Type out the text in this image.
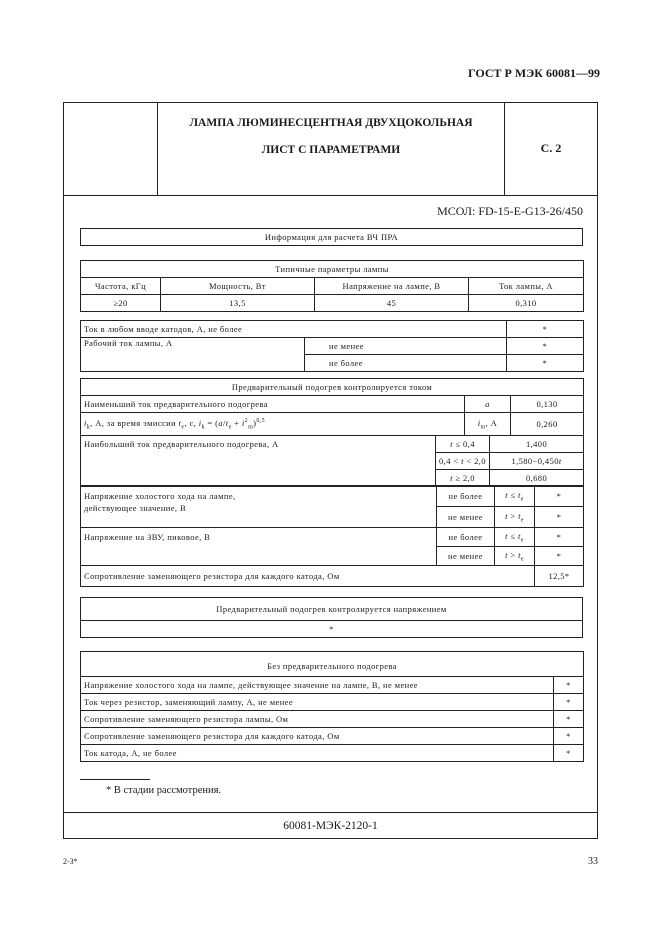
ГОСТ Р МЭК 60081—99
ЛАМПА ЛЮМИНЕСЦЕНТНАЯ ДВУХЦОКОЛЬНАЯ
ЛИСТ С ПАРАМЕТРАМИ	С. 2
МСОЛ: FD-15-E-G13-26/450
Информация для расчета ВЧ ПРА
Типичные параметры лампы			
Частота, кГц	Мощность, Вт	Напряжение на лампе, В	Ток лампы, А
≥20	13,5	45	0,310
Ток в любом вводе катодов, А, не более		*
Рабочий ток лампы, А	не менее	*
	не более	*
Предварительный подогрев контролируется током				
Наименьший ток предварительного подогрева		a		0,130
$i_k$, А, за время эмиссии $t_e$, с, $i_k = (a/t_e + i^2_m)^{0,5}$		$i_m$, А		0,260
Наибольший ток предварительного подогрева, А	t ≤ 0,4		1,400	
	0,4 < t < 2,0		1,580−0,450t	
	t ≥ 2,0		0,680	
Напряжение холостого хода на лампе,
действующее значение, В	не более	$t \le t_e$	*
	не менее	$t > t_e$	*
Напряжение на ЗВУ, пиковое, В	не более	$t \le t_e$	*
	не менее	$t > t_e$	*
Сопротивление заменяющего резистора для каждого катода, Ом			12,5*
Предварительный подогрев контролируется напряжением
*
Без предварительного подогрева	
Напряжение холостого хода на лампе, действующее значение на лампе, В, не менее	*
Ток через резистор, заменяющий лампу, А, не менее	*
Сопротивление заменяющего резистора лампы, Ом	*
Сопротивление заменяющего резистора для каждого катода, Ом	*
Ток катода, А, не более	*
* В стадии рассмотрения.
60081-МЭК-2120-1
2-3*	33
